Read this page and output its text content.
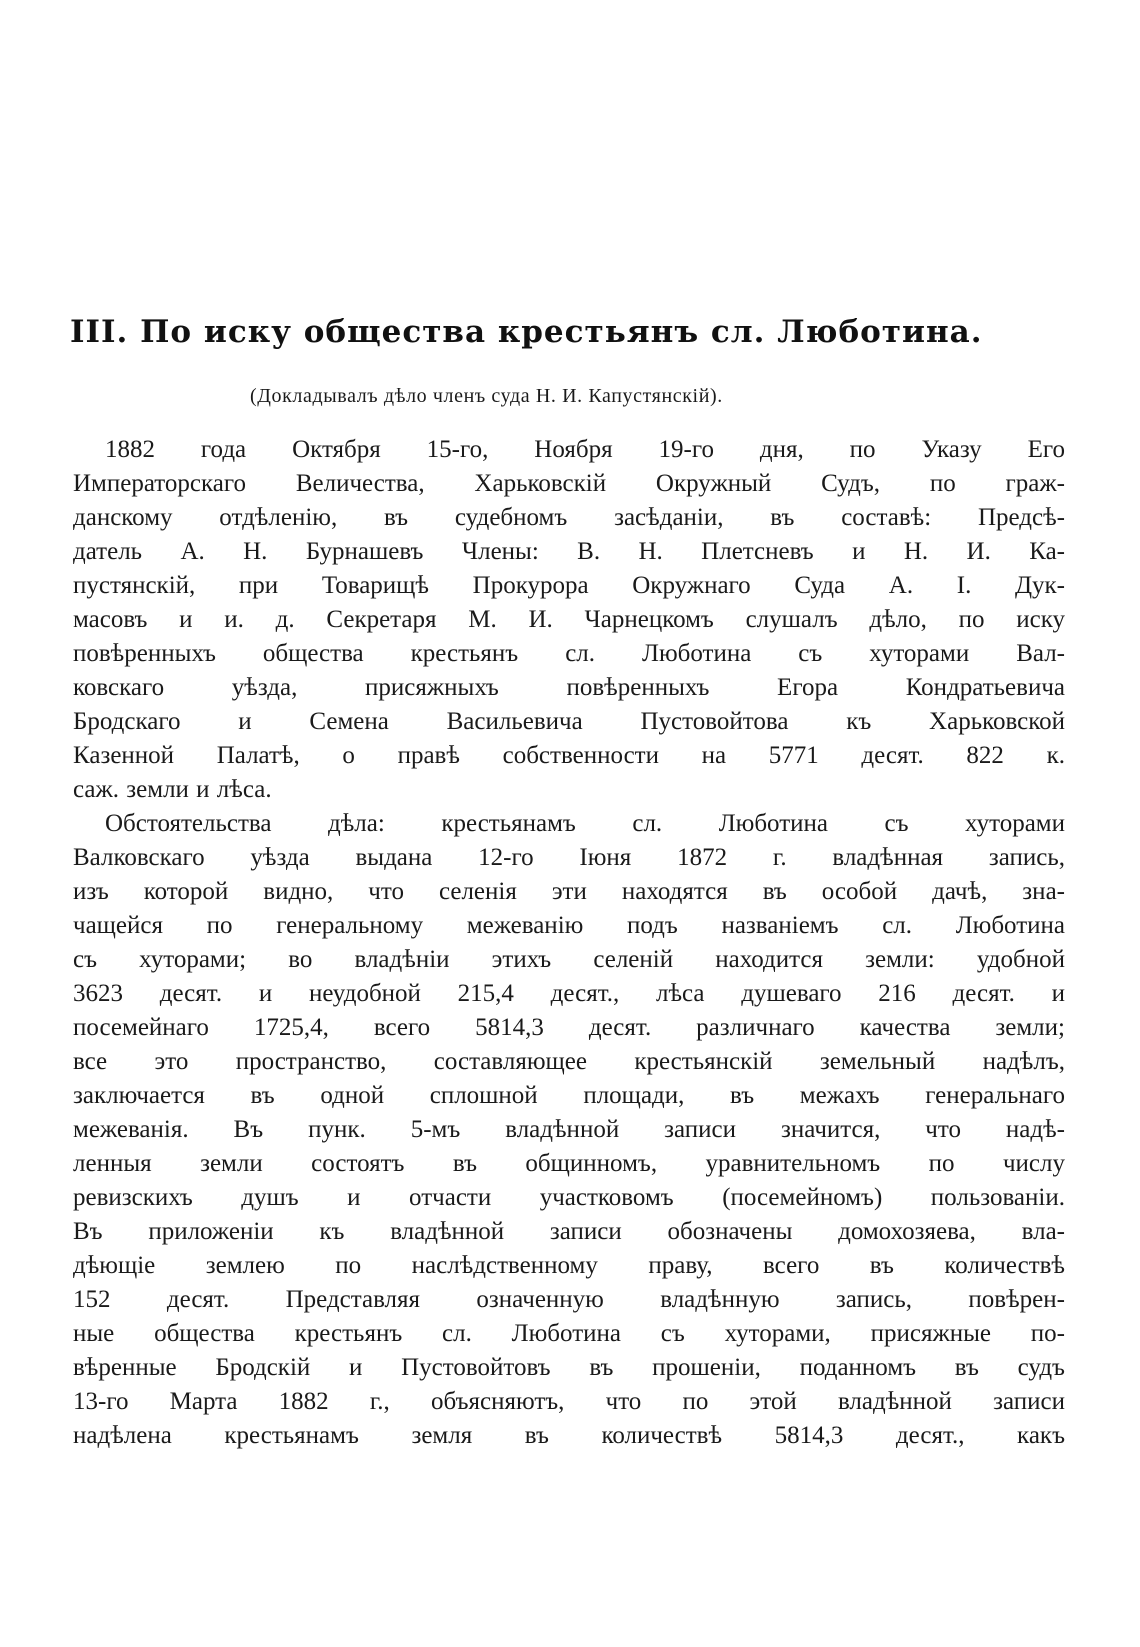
III. По иску общества крестьянъ сл. Люботина.

(Докладывалъ дѣло членъ суда Н. И. Капустянскій).

1882 года Октября 15-го, Ноября 19-го дня, по Указу Его
Императорскаго Величества, Харьковскій Окружный Судъ, по граж-
данскому отдѣленію, въ судебномъ засѣданіи, въ составѣ: Предсѣ-
датель А. Н. Бурнашевъ Члены: В. Н. Плетсневъ и Н. И. Ка-
пустянскій, при Товарищѣ Прокурора Окружнаго Суда А. І. Дук-
масовъ и и. д. Секретаря М. И. Чарнецкомъ слушалъ дѣло, по иску
повѣренныхъ общества крестьянъ сл. Люботина съ хуторами Вал-
ковскаго уѣзда, присяжныхъ повѣренныхъ Егора Кондратьевича
Бродскаго и Семена Васильевича Пустовойтова къ Харьковской
Казенной Палатѣ, о правѣ собственности на 5771 десят. 822 к.
саж. земли и лѣса.
Обстоятельства дѣла: крестьянамъ сл. Люботина съ хуторами
Валковскаго уѣзда выдана 12-го Іюня 1872 г. владѣнная запись,
изъ которой видно, что селенія эти находятся въ особой дачѣ, зна-
чащейся по генеральному межеванію подъ названіемъ сл. Люботина
съ хуторами; во владѣніи этихъ селеній находится земли: удобной
3623 десят. и неудобной 215,4 десят., лѣса душеваго 216 десят. и
посемейнаго 1725,4, всего 5814,3 десят. различнаго качества земли;
все это пространство, составляющее крестьянскій земельный надѣлъ,
заключается въ одной сплошной площади, въ межахъ генеральнаго
межеванія. Въ пунк. 5-мъ владѣнной записи значится, что надѣ-
ленныя земли состоятъ въ общинномъ, уравнительномъ по числу
ревизскихъ душъ и отчасти участковомъ (посемейномъ) пользованіи.
Въ приложеніи къ владѣнной записи обозначены домохозяева, вла-
дѣющіе землею по наслѣдственному праву, всего въ количествѣ
152 десят. Представляя означенную владѣнную запись, повѣрен-
ные общества крестьянъ сл. Люботина съ хуторами, присяжные по-
вѣренные Бродскій и Пустовойтовъ въ прошеніи, поданномъ въ судъ
13-го Марта 1882 г., объясняютъ, что по этой владѣнной записи
надѣлена крестьянамъ земля въ количествѣ 5814,3 десят., какъ
